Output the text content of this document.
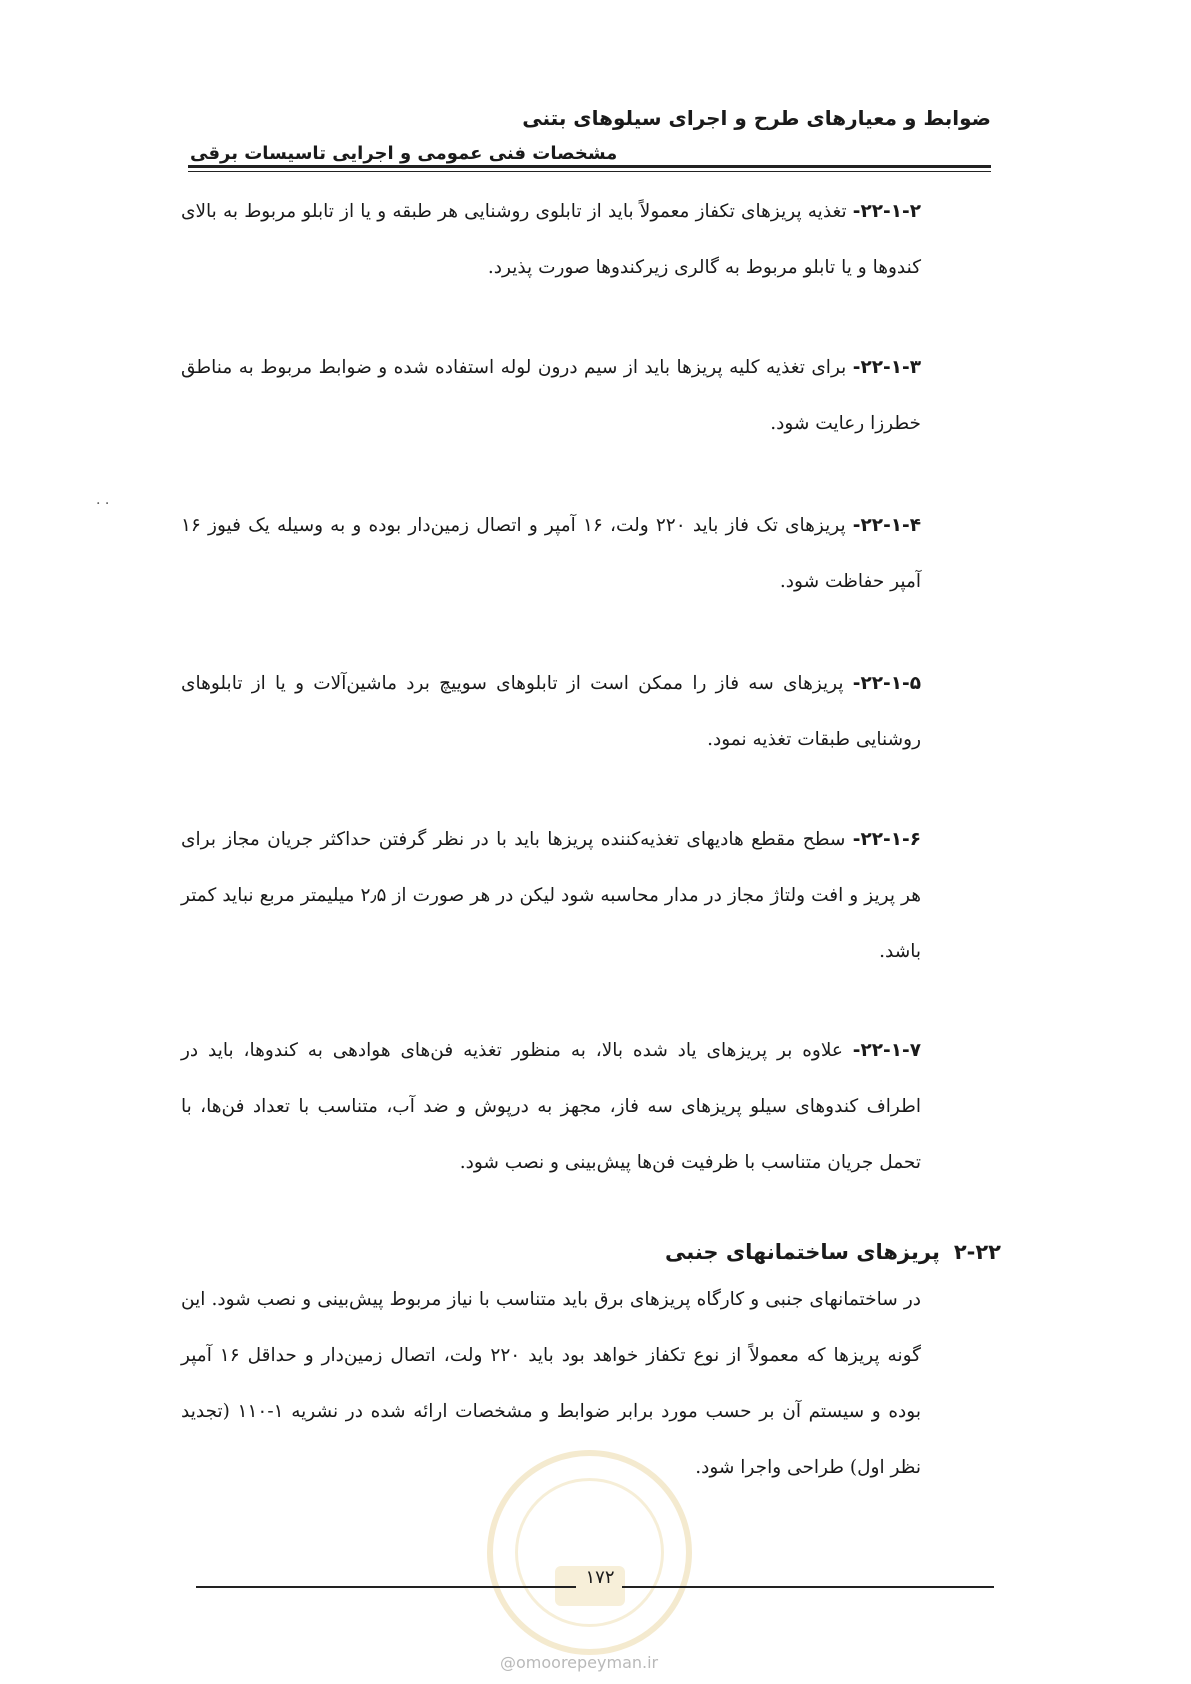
ضوابط و معیارهای طرح و اجرای سیلوهای بتنی
مشخصات فنی عمومی و اجرایی تاسیسات برقی
. .
۲۲-۱-۲- تغذیه پریزهای تکفاز معمولاً باید از تابلوی روشنایی هر طبقه و یا از تابلو مربوط به بالای کندوها و یا تابلو مربوط به گالری زیرکندوها صورت پذیرد.
۲۲-۱-۳- برای تغذیه کلیه پریزها باید از سیم درون لوله استفاده شده و ضوابط مربوط به مناطق خطرزا رعایت شود.
۲۲-۱-۴- پریزهای تک فاز باید ۲۲۰ ولت، ۱۶ آمپر و اتصال زمین‌دار بوده و به وسیله یک فیوز ۱۶ آمپر حفاظت شود.
۲۲-۱-۵- پریزهای سه فاز را ممکن است از تابلوهای سوییچ برد ماشین‌آلات و یا از تابلوهای روشنایی طبقات تغذیه نمود.
۲۲-۱-۶- سطح مقطع هادیهای تغذیه‌کننده پریزها باید با در نظر گرفتن حداکثر جریان مجاز برای هر پریز و افت ولتاژ مجاز در مدار محاسبه شود لیکن در هر صورت از ۲٫۵ میلیمتر مربع نباید کمتر باشد.
۲۲-۱-۷- علاوه بر پریزهای یاد شده بالا، به منظور تغذیه فن‌های هوادهی به کندوها، باید در اطراف کندوهای سیلو پریزهای سه فاز، مجهز به درپوش و ضد آب، متناسب با تعداد فن‌ها، با تحمل جریان متناسب با ظرفیت فن‌ها پیش‌بینی و نصب شود.
۲-۲۲پریزهای ساختمانهای جنبی
در ساختمانهای جنبی و کارگاه پریزهای برق باید متناسب با نیاز مربوط پیش‌بینی و نصب شود. این گونه پریزها که معمولاً از نوع تکفاز خواهد بود باید ۲۲۰ ولت، اتصال زمین‌دار و حداقل ۱۶ آمپر بوده و سیستم آن بر حسب مورد برابر ضوابط و مشخصات ارائه شده در نشریه ۱-۱۱۰ (تجدید نظر اول) طراحی واجرا شود.
۱۷۲
@omoorepeyman.ir
